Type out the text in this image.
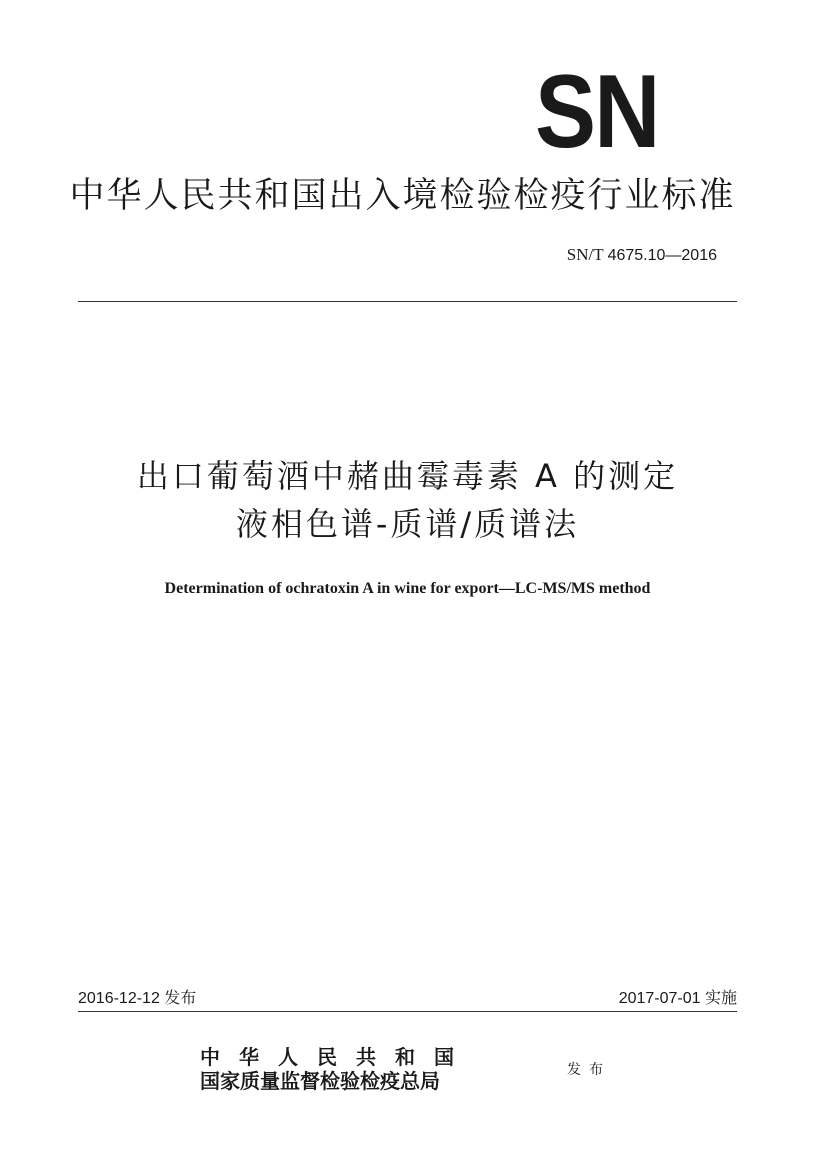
SN
中华人民共和国出入境检验检疫行业标准
SN/T 4675.10—2016
出口葡萄酒中赭曲霉毒素 A 的测定
液相色谱-质谱/质谱法
Determination of ochratoxin A in wine for export—LC-MS/MS method
2016-12-12 发布	2017-07-01 实施
中华人民共和国
国家质量监督检验检疫总局	发布
